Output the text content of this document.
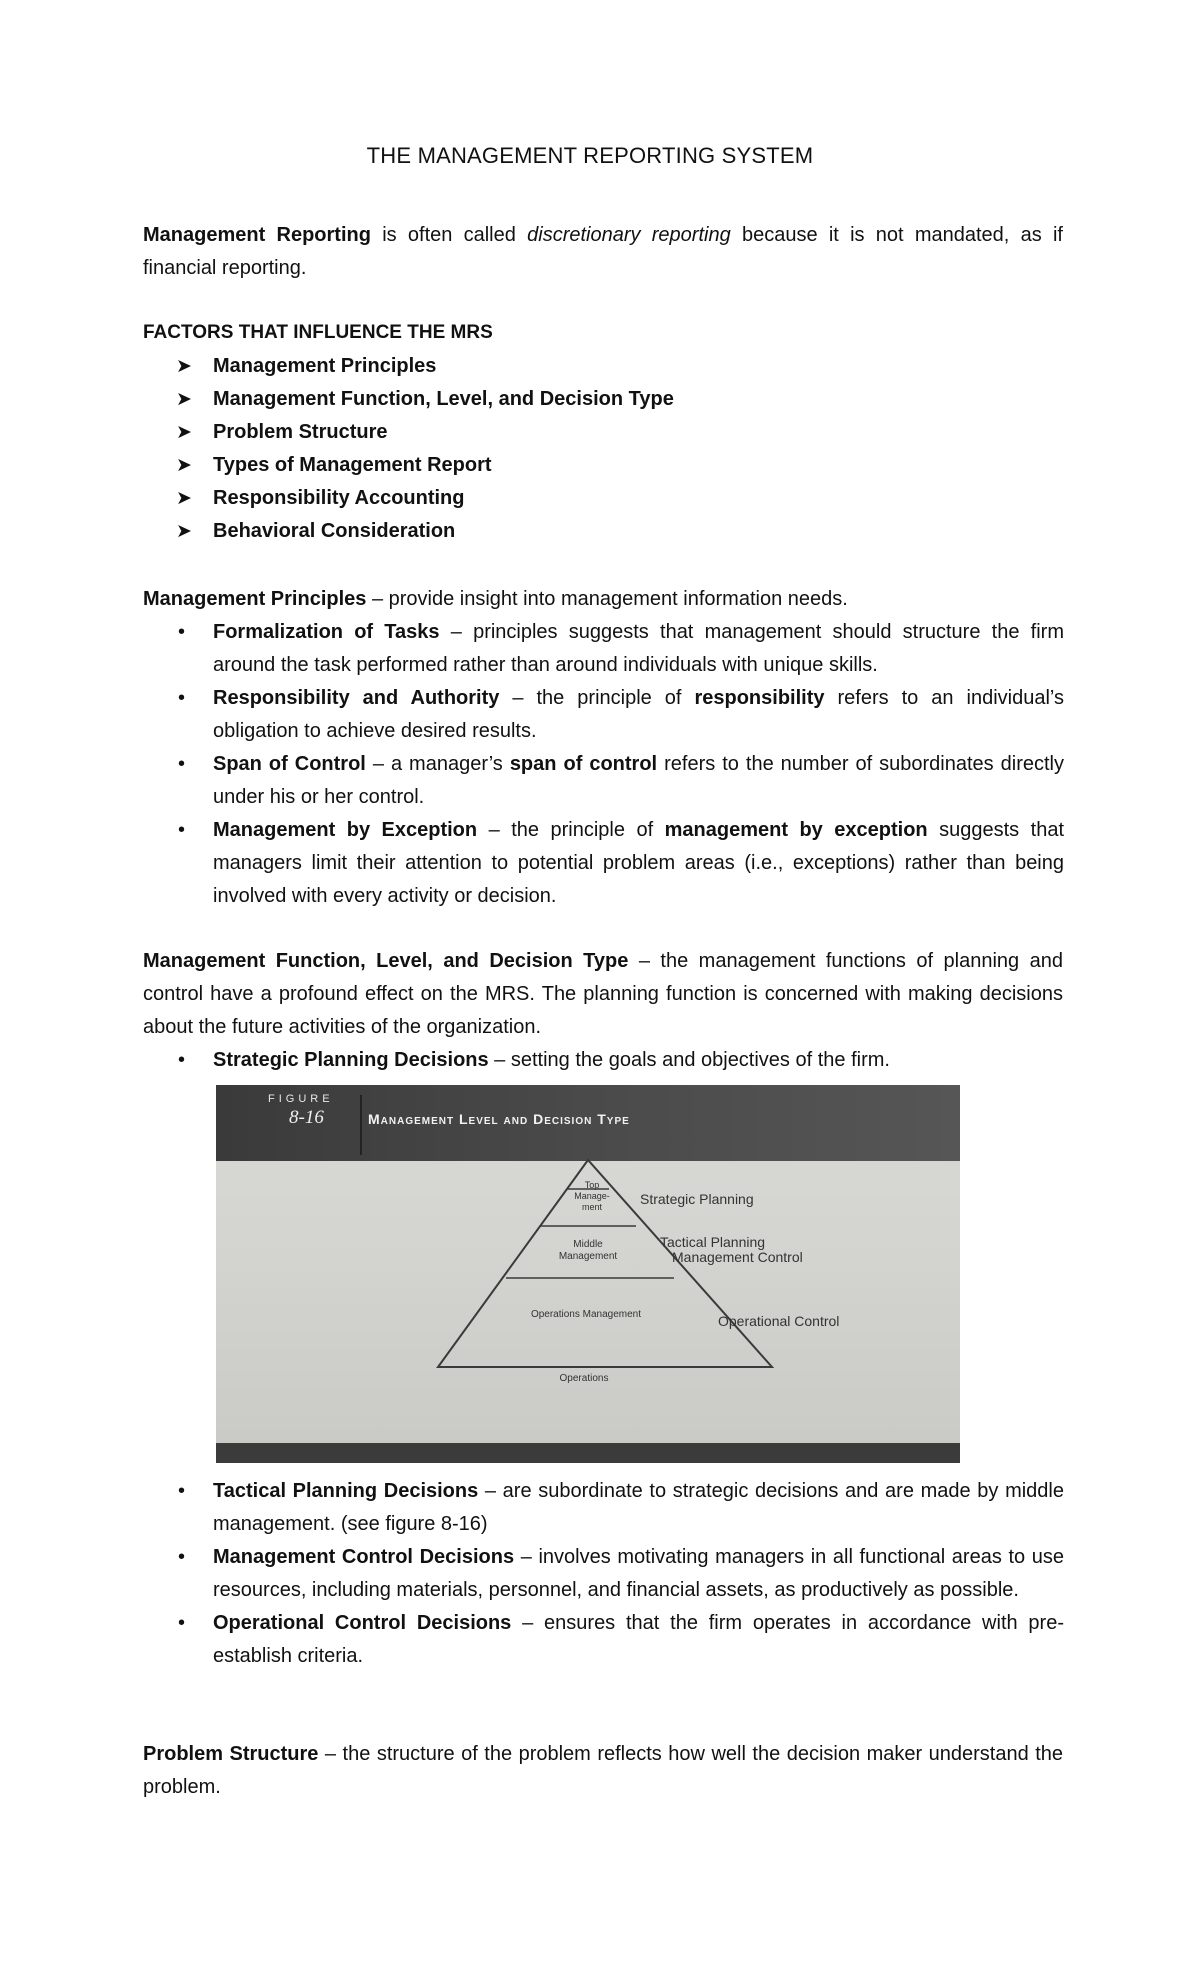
THE MANAGEMENT REPORTING SYSTEM
Management Reporting is often called discretionary reporting because it is not mandated, as if financial reporting.
FACTORS THAT INFLUENCE THE MRS
➤ Management Principles
➤ Management Function, Level, and Decision Type
➤ Problem Structure
➤ Types of Management Report
➤ Responsibility Accounting
➤ Behavioral Consideration
Management Principles – provide insight into management information needs.
• Formalization of Tasks – principles suggests that management should structure the firm around the task performed rather than around individuals with unique skills.
• Responsibility and Authority – the principle of responsibility refers to an individual’s obligation to achieve desired results.
• Span of Control – a manager’s span of control refers to the number of subordinates directly under his or her control.
• Management by Exception – the principle of management by exception suggests that managers limit their attention to potential problem areas (i.e., exceptions) rather than being involved with every activity or decision.
Management Function, Level, and Decision Type – the management functions of planning and control have a profound effect on the MRS. The planning function is concerned with making decisions about the future activities of the organization.
• Strategic Planning Decisions – setting the goals and objectives of the firm.
FIGURE
8-16	Management Level and Decision Type
Top
Manage-
ment
Middle
Management
Operations Management
Operations
Strategic Planning
Tactical Planning
Management Control
Operational Control
• Tactical Planning Decisions – are subordinate to strategic decisions and are made by middle management. (see figure 8-16)
• Management Control Decisions – involves motivating managers in all functional areas to use resources, including materials, personnel, and financial assets, as productively as possible.
• Operational Control Decisions – ensures that the firm operates in accordance with pre-establish criteria.
Problem Structure – the structure of the problem reflects how well the decision maker understand the problem.
